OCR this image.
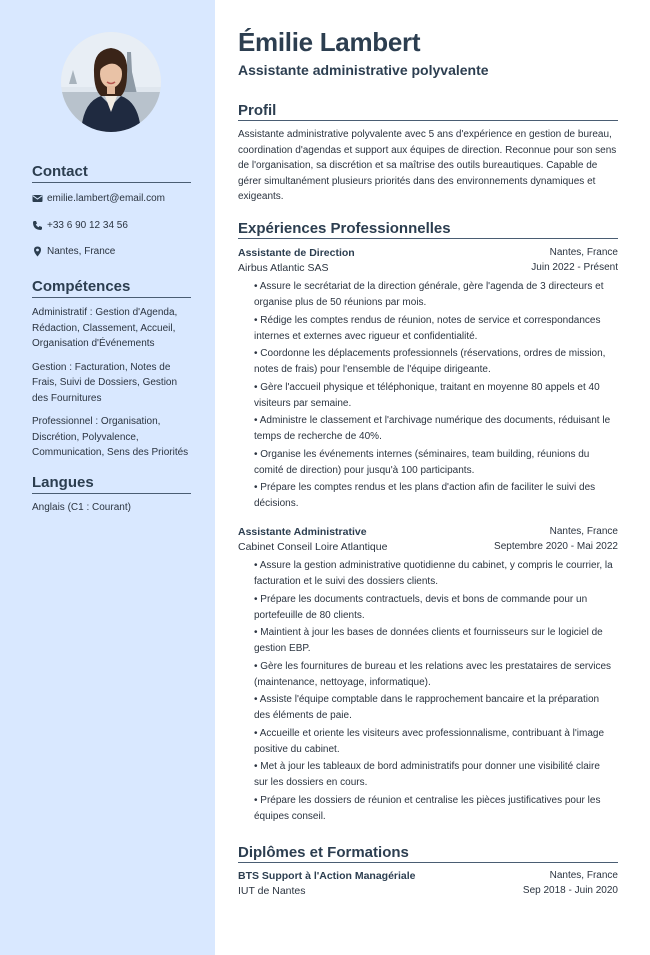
Contact
emilie.lambert@email.com
+33 6 90 12 34 56
Nantes, France
Compétences

Administratif : Gestion d'Agenda, Rédaction, Classement, Accueil, Organisation d'Événements

Gestion : Facturation, Notes de Frais, Suivi de Dossiers, Gestion des Fournitures

Professionnel : Organisation, Discrétion, Polyvalence, Communication, Sens des Priorités

Langues

Anglais (C1 : Courant)

Émilie Lambert
Assistante administrative polyvalente
Profil
Assistante administrative polyvalente avec 5 ans d'expérience en gestion de bureau, coordination d'agendas et support aux équipes de direction. Reconnue pour son sens de l'organisation, sa discrétion et sa maîtrise des outils bureautiques. Capable de gérer simultanément plusieurs priorités dans des environnements dynamiques et exigeants.
Expériences Professionnelles
Assistante de Direction	Nantes, France
Airbus Atlantic SAS	Juin 2022 - Présent
• Assure le secrétariat de la direction générale, gère l'agenda de 3 directeurs et organise plus de 50 réunions par mois.
• Rédige les comptes rendus de réunion, notes de service et correspondances internes et externes avec rigueur et confidentialité.
• Coordonne les déplacements professionnels (réservations, ordres de mission, notes de frais) pour l'ensemble de l'équipe dirigeante.
• Gère l'accueil physique et téléphonique, traitant en moyenne 80 appels et 40 visiteurs par semaine.
• Administre le classement et l'archivage numérique des documents, réduisant le temps de recherche de 40%.
• Organise les événements internes (séminaires, team building, réunions du comité de direction) pour jusqu'à 100 participants.
• Prépare les comptes rendus et les plans d'action afin de faciliter le suivi des décisions.
Assistante Administrative	Nantes, France
Cabinet Conseil Loire Atlantique	Septembre 2020 - Mai 2022
• Assure la gestion administrative quotidienne du cabinet, y compris le courrier, la facturation et le suivi des dossiers clients.
• Prépare les documents contractuels, devis et bons de commande pour un portefeuille de 80 clients.
• Maintient à jour les bases de données clients et fournisseurs sur le logiciel de gestion EBP.
• Gère les fournitures de bureau et les relations avec les prestataires de services (maintenance, nettoyage, informatique).
• Assiste l'équipe comptable dans le rapprochement bancaire et la préparation des éléments de paie.
• Accueille et oriente les visiteurs avec professionnalisme, contribuant à l'image positive du cabinet.
• Met à jour les tableaux de bord administratifs pour donner une visibilité claire sur les dossiers en cours.
• Prépare les dossiers de réunion et centralise les pièces justificatives pour les équipes conseil.
Diplômes et Formations
BTS Support à l'Action Managériale	Nantes, France
IUT de Nantes	Sep 2018 - Juin 2020
